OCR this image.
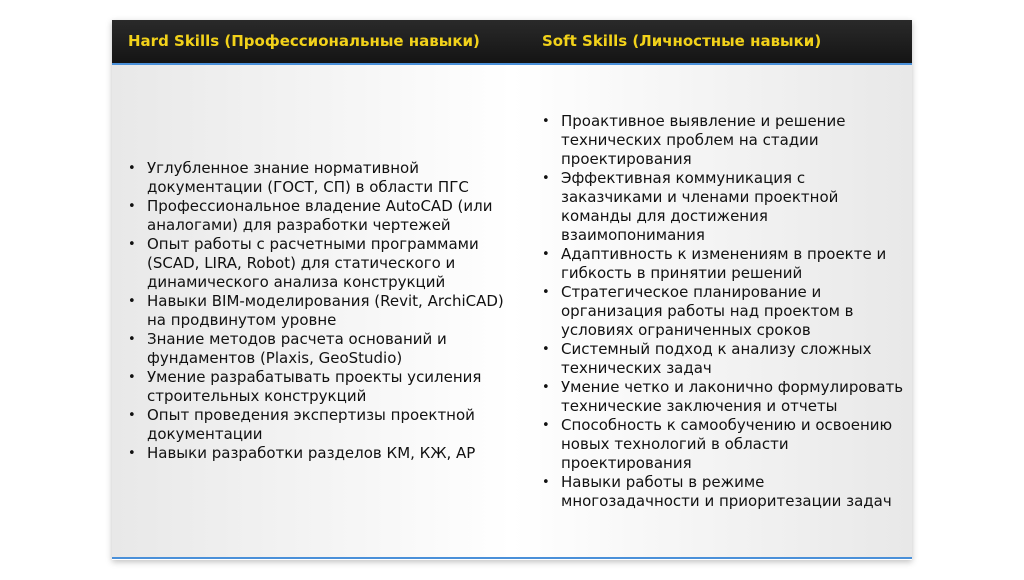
Hard Skills (Профессиональные навыки)	Soft Skills (Личностные навыки)
• Углубленное знание нормативной документации (ГОСТ, СП) в области ПГС
• Профессиональное владение AutoCAD (или аналогами) для разработки чертежей
• Опыт работы с расчетными программами (SCAD, LIRA, Robot) для статического и динамического анализа конструкций
• Навыки BIM-моделирования (Revit, ArchiCAD) на продвинутом уровне
• Знание методов расчета оснований и фундаментов (Plaxis, GeoStudio)
• Умение разрабатывать проекты усиления строительных конструкций
• Опыт проведения экспертизы проектной документации
• Навыки разработки разделов КМ, КЖ, АР
• Проактивное выявление и решение технических проблем на стадии проектирования
• Эффективная коммуникация с заказчиками и членами проектной команды для достижения взаимопонимания
• Адаптивность к изменениям в проекте и гибкость в принятии решений
• Стратегическое планирование и организация работы над проектом в условиях ограниченных сроков
• Системный подход к анализу сложных технических задач
• Умение четко и лаконично формулировать технические заключения и отчеты
• Способность к самообучению и освоению новых технологий в области проектирования
• Навыки работы в режиме многозадачности и приоритезации задач
